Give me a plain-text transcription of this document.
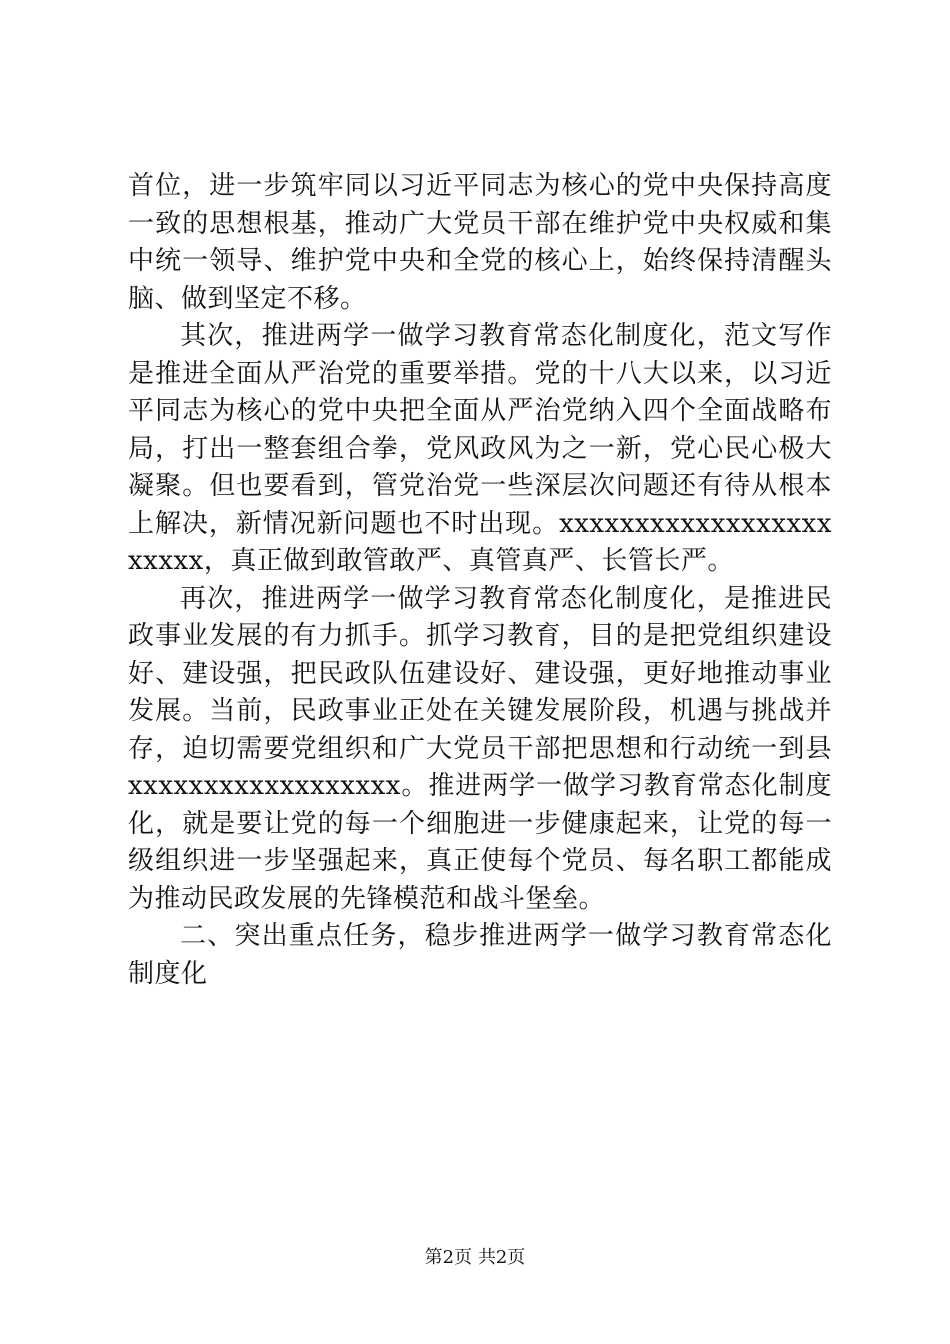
首位，进一步筑牢同以习近平同志为核心的党中央保持高度一致的思想根基，推动广大党员干部在维护党中央权威和集中统一领导、维护党中央和全党的核心上，始终保持清醒头脑、做到坚定不移。

其次，推进两学一做学习教育常态化制度化，范文写作是推进全面从严治党的重要举措。党的十八大以来，以习近平同志为核心的党中央把全面从严治党纳入四个全面战略布局，打出一整套组合拳，党风政风为之一新，党心民心极大凝聚。但也要看到，管党治党一些深层次问题还有待从根本上解决，新情况新问题也不时出现。xxxxxxxxxxxxxxxxxxxxxxx，真正做到敢管敢严、真管真严、长管长严。

再次，推进两学一做学习教育常态化制度化，是推进民政事业发展的有力抓手。抓学习教育，目的是把党组织建设好、建设强，把民政队伍建设好、建设强，更好地推动事业发展。当前，民政事业正处在关键发展阶段，机遇与挑战并存，迫切需要党组织和广大党员干部把思想和行动统一到县xxxxxxxxxxxxxxxxxx。推进两学一做学习教育常态化制度化，就是要让党的每一个细胞进一步健康起来，让党的每一级组织进一步坚强起来，真正使每个党员、每名职工都能成为推动民政发展的先锋模范和战斗堡垒。

二、突出重点任务，稳步推进两学一做学习教育常态化制度化

第2页 共2页
